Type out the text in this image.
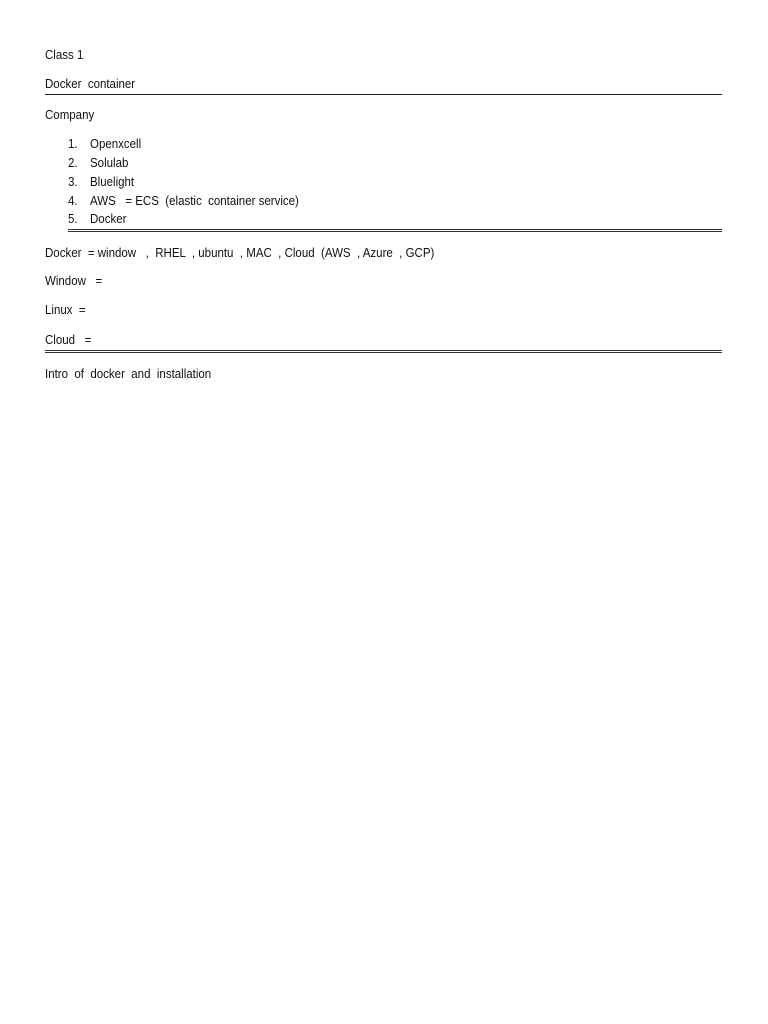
Class 1
Docker  container
Company
1. Openxcell
2. Solulab
3. Bluelight
4. AWS   = ECS  (elastic  container service)
5. Docker
Docker  = window   ,  RHEL  , ubuntu  , MAC  , Cloud  (AWS  , Azure  , GCP)
Window   =
Linux  =
Cloud   =
Intro  of  docker  and  installation
